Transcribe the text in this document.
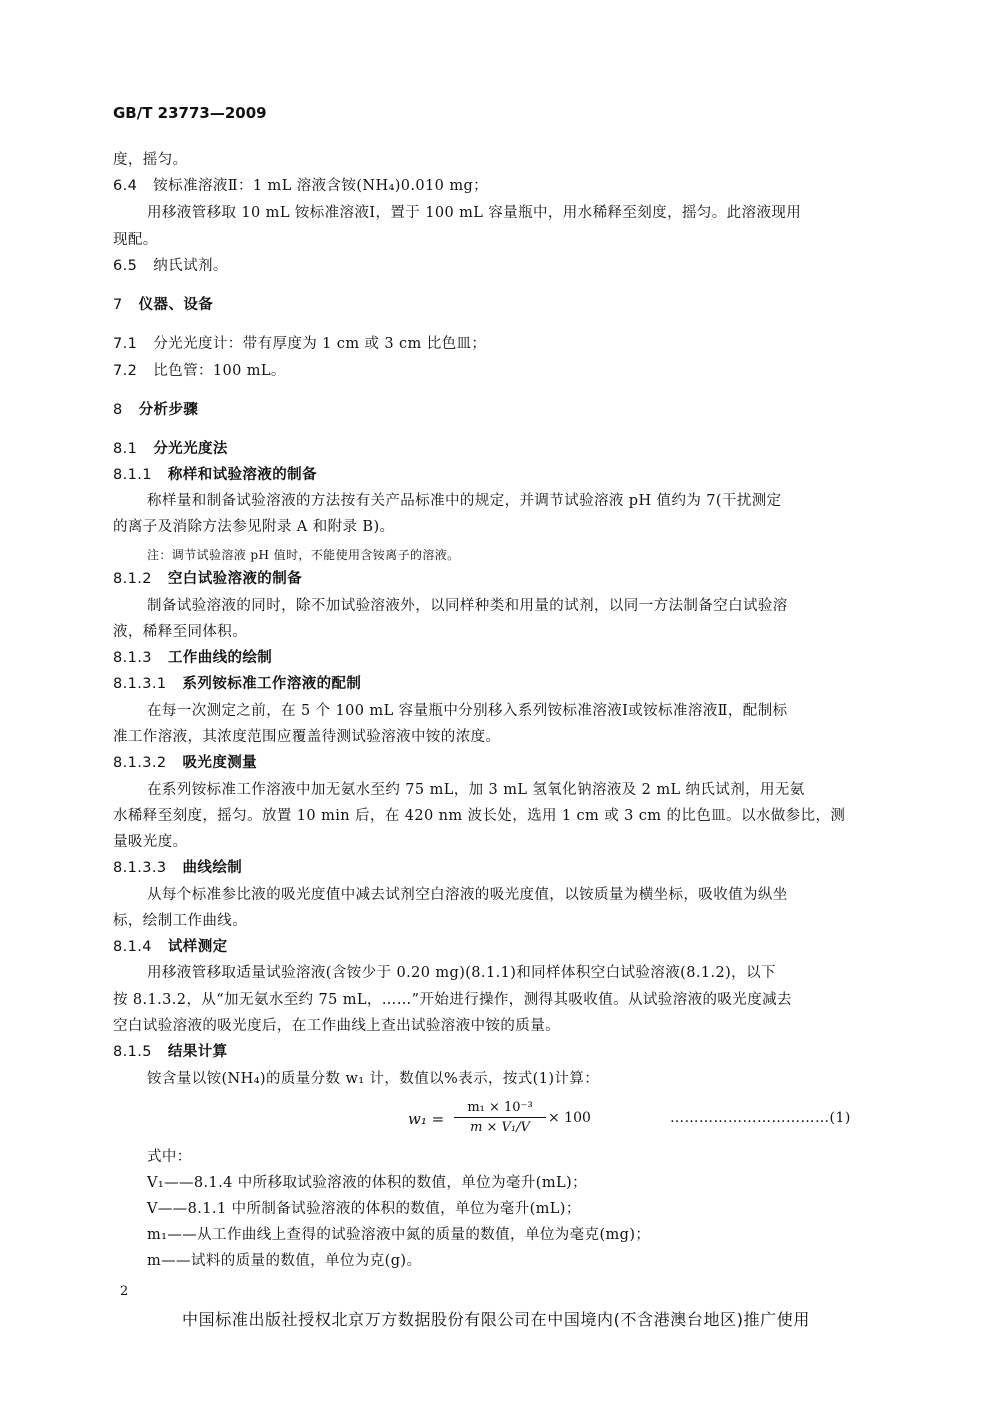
GB/T 23773—2009
度，摇匀。
6.4 铵标准溶液Ⅱ：1 mL 溶液含铵(NH₄)0.010 mg；
用移液管移取 10 mL 铵标准溶液Ⅰ，置于 100 mL 容量瓶中，用水稀释至刻度，摇匀。此溶液现用
现配。
6.5 纳氏试剂。
7 仪器、设备
7.1 分光光度计：带有厚度为 1 cm 或 3 cm 比色皿；
7.2 比色管：100 mL。
8 分析步骤
8.1 分光光度法
8.1.1 称样和试验溶液的制备
称样量和制备试验溶液的方法按有关产品标准中的规定，并调节试验溶液 pH 值约为 7(干扰测定
的离子及消除方法参见附录 A 和附录 B)。
注：调节试验溶液 pH 值时，不能使用含铵离子的溶液。
8.1.2 空白试验溶液的制备
制备试验溶液的同时，除不加试验溶液外，以同样种类和用量的试剂，以同一方法制备空白试验溶
液，稀释至同体积。
8.1.3 工作曲线的绘制
8.1.3.1 系列铵标准工作溶液的配制
在每一次测定之前，在 5 个 100 mL 容量瓶中分别移入系列铵标准溶液Ⅰ或铵标准溶液Ⅱ，配制标
准工作溶液，其浓度范围应覆盖待测试验溶液中铵的浓度。
8.1.3.2 吸光度测量
在系列铵标准工作溶液中加无氨水至约 75 mL，加 3 mL 氢氧化钠溶液及 2 mL 纳氏试剂，用无氨
水稀释至刻度，摇匀。放置 10 min 后，在 420 nm 波长处，选用 1 cm 或 3 cm 的比色皿。以水做参比，测
量吸光度。
8.1.3.3 曲线绘制
从每个标准参比液的吸光度值中减去试剂空白溶液的吸光度值，以铵质量为横坐标，吸收值为纵坐
标，绘制工作曲线。
8.1.4 试样测定
用移液管移取适量试验溶液(含铵少于 0.20 mg)(8.1.1)和同样体积空白试验溶液(8.1.2)，以下
按 8.1.3.2，从“加无氨水至约 75 mL，……”开始进行操作，测得其吸收值。从试验溶液的吸光度减去
空白试验溶液的吸光度后，在工作曲线上查出试验溶液中铵的质量。
8.1.5 结果计算
铵含量以铵(NH₄)的质量分数 w₁ 计，数值以%表示，按式(1)计算：
式中：
V₁——8.1.4 中所移取试验溶液的体积的数值，单位为毫升(mL)；
V——8.1.1 中所制备试验溶液的体积的数值，单位为毫升(mL)；
m₁——从工作曲线上查得的试验溶液中氮的质量的数值，单位为毫克(mg)；
m——试料的质量的数值，单位为克(g)。
$w_1 = \frac{\text{m₁ × 10⁻³}}{\text{m × V₁/V}} \times 100$	……………………………(1)
2
中国标准出版社授权北京万方数据股份有限公司在中国境内(不含港澳台地区)推广使用
